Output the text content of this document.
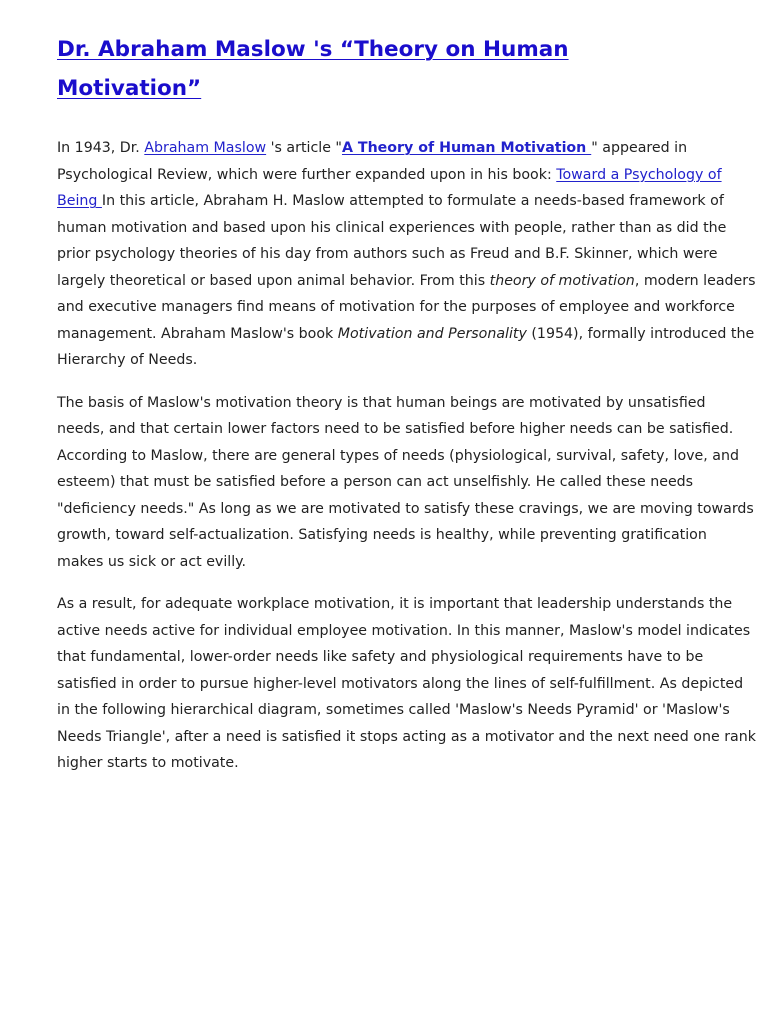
Dr. Abraham Maslow 's “Theory on Human
Motivation”

In 1943, Dr. Abraham Maslow 's article "A Theory of Human Motivation " appeared in Psychological Review, which were further expanded upon in his book: Toward a Psychology of Being In this article, Abraham H. Maslow attempted to formulate a needs-based framework of human motivation and based upon his clinical experiences with people, rather than as did the prior psychology theories of his day from authors such as Freud and B.F. Skinner, which were largely theoretical or based upon animal behavior. From this theory of motivation, modern leaders and executive managers find means of motivation for the purposes of employee and workforce management. Abraham Maslow's book Motivation and Personality (1954), formally introduced the Hierarchy of Needs.

The basis of Maslow's motivation theory is that human beings are motivated by unsatisfied needs, and that certain lower factors need to be satisfied before higher needs can be satisfied. According to Maslow, there are general types of needs (physiological, survival, safety, love, and esteem) that must be satisfied before a person can act unselfishly. He called these needs "deficiency needs." As long as we are motivated to satisfy these cravings, we are moving towards growth, toward self-actualization. Satisfying needs is healthy, while preventing gratification makes us sick or act evilly.

As a result, for adequate workplace motivation, it is important that leadership understands the active needs active for individual employee motivation. In this manner, Maslow's model indicates that fundamental, lower-order needs like safety and physiological requirements have to be satisfied in order to pursue higher-level motivators along the lines of self-fulfillment. As depicted in the following hierarchical diagram, sometimes called 'Maslow's Needs Pyramid' or 'Maslow's Needs Triangle', after a need is satisfied it stops acting as a motivator and the next need one rank higher starts to motivate.
